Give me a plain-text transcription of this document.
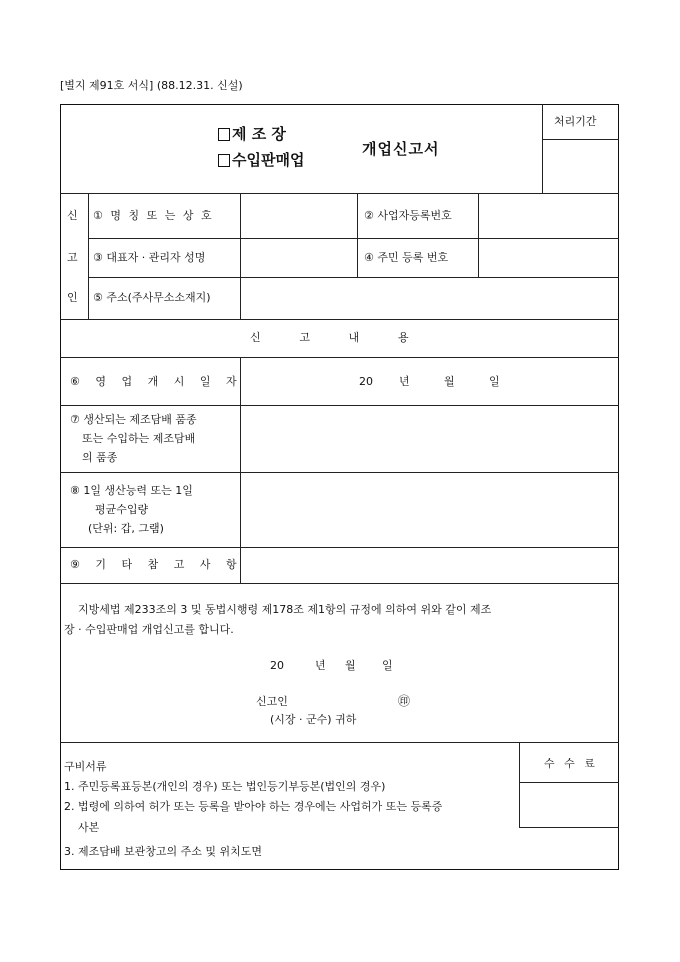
[별지 제91호 서식] (88.12.31. 신설)
제 조 장
수입판매업
개업신고서
처리기간
신
고
인
① 명 칭 또 는 상 호	② 사업자등록번호
③ 대표자 · 관리자 성명	④ 주민 등록 번호
⑤ 주소(주사무소소재지)
신 고 내 용
⑥ 영 업 개 시 일 자	20 년	월	일
⑦ 생산되는 제조담배 품종
또는 수입하는 제조담배
의 품종
⑧ 1일 생산능력 또는 1일
평균수입량
(단위: 갑, 그램)
⑨ 기 타 참 고 사 항
지방세법 제233조의 3 및 동법시행령 제178조 제1항의 규정에 의하여 위와 같이 제조
장 · 수입판매업 개업신고를 합니다.
20	년 월 일
신고인	㊞
(시장 · 군수) 귀하
구비서류
1. 주민등록표등본(개인의 경우) 또는 법인등기부등본(법인의 경우)
2. 법령에 의하여 허가 또는 등록을 받아야 하는 경우에는 사업허가 또는 등록증
사본
3. 제조담배 보관창고의 주소 및 위치도면
수 수 료
